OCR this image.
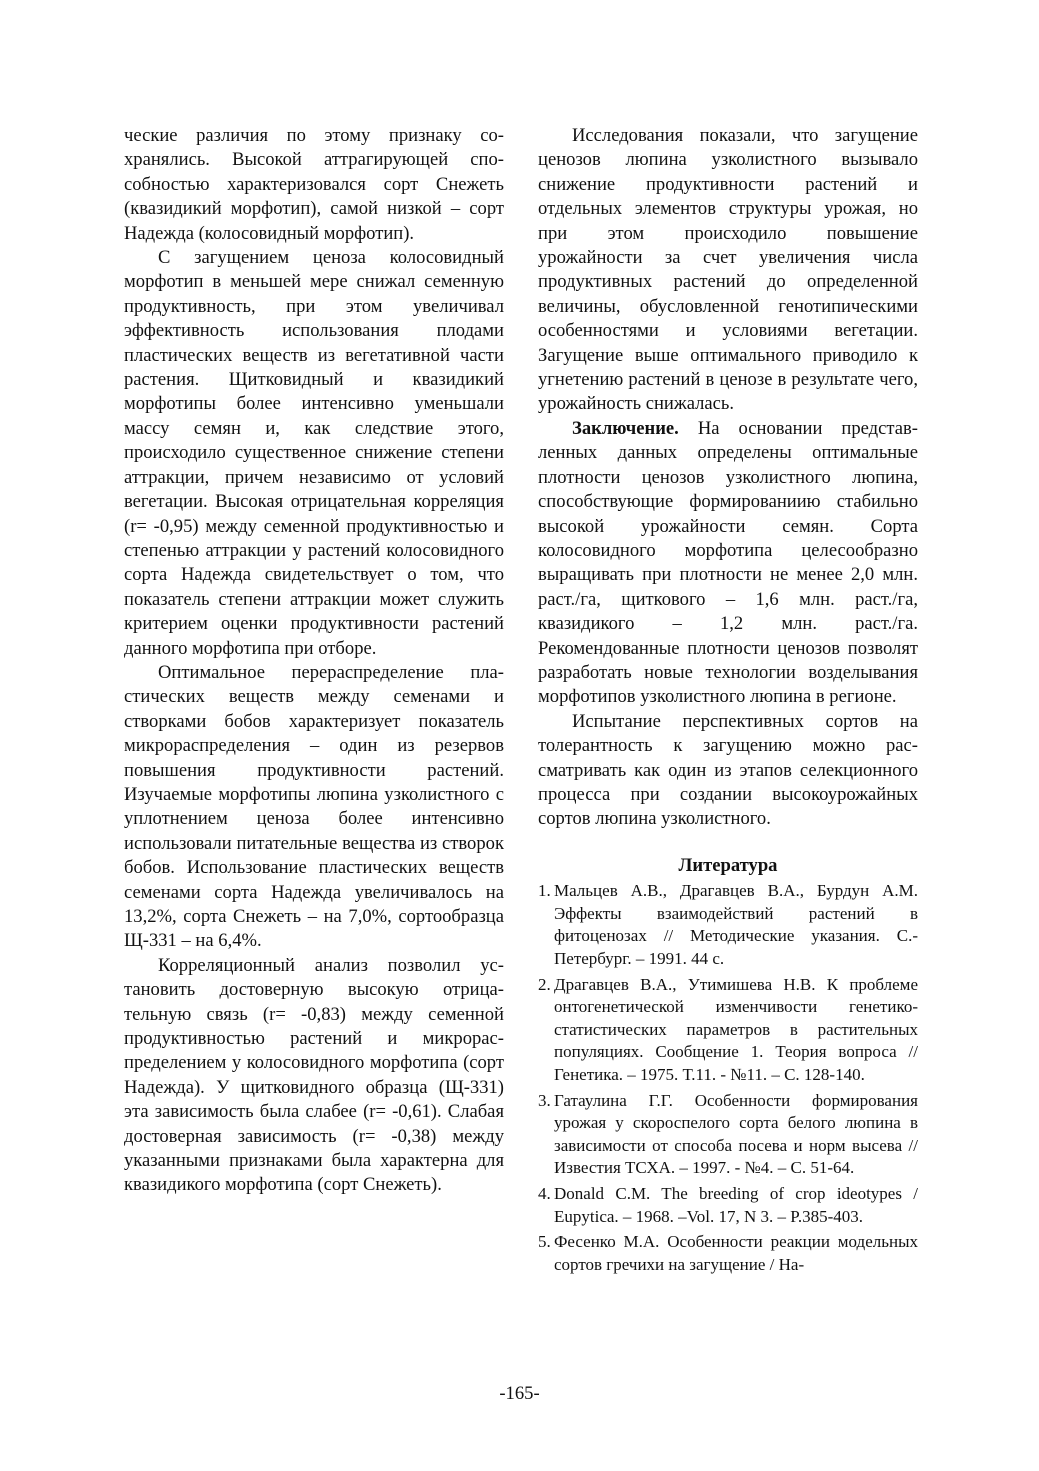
ческие различия по этому признаку сохранялись. Высокой аттрагирующей способностью характеризовался сорт Снежеть (квазидикий морфотип), самой низкой – сорт Надежда (колосовидный морфотип).

С загущением ценоза колосовидный морфотип в меньшей мере снижал семенную продуктивность, при этом увеличивал эффективность использования плодами пластических веществ из вегетативной части растения. Щитковидный и квазидикий морфотипы более интенсивно уменьшали массу семян и, как следствие этого, происходило существенное снижение степени аттракции, причем независимо от условий вегетации. Высокая отрицательная корреляция (r= -0,95) между семенной продуктивностью и степенью аттракции у растений колосовидного сорта Надежда свидетельствует о том, что показатель степени аттракции может служить критерием оценки продуктивности растений данного морфотипа при отборе.

Оптимальное перераспределение пластических веществ между семенами и створками бобов характеризует показатель микрораспределения – один из резервов повышения продуктивности растений. Изучаемые морфотипы люпина узколистного с уплотнением ценоза более интенсивно использовали питательные вещества из створок бобов. Использование пластических веществ семенами сорта Надежда увеличивалось на 13,2%, сорта Снежеть – на 7,0%, сортообразца Щ-331 – на 6,4%.

Корреляционный анализ позволил установить достоверную высокую отрицательную связь (r= -0,83) между семенной продуктивностью растений и микрораспределением у колосовидного морфотипа (сорт Надежда). У щитковидного образца (Щ-331) эта зависимость была слабее (r= -0,61). Слабая достоверная зависимость (r= -0,38) между указанными признаками была характерна для квазидикого морфотипа (сорт Снежеть).

Исследования показали, что загущение ценозов люпина узколистного вызывало снижение продуктивности растений и отдельных элементов структуры урожая, но при этом происходило повышение урожайности за счет увеличения числа продуктивных растений до определенной величины, обусловленной генотипическими особенностями и условиями вегетации. Загущение выше оптимального приводило к угнетению растений в ценозе в результате чего, урожайность снижалась.

Заключение. На основании представленных данных определены оптимальные плотности ценозов узколистного люпина, способствующие формированиию стабильно высокой урожайности семян. Сорта колосовидного морфотипа целесообразно выращивать при плотности не менее 2,0 млн. раст./га, щиткового – 1,6 млн. раст./га, квазидикого – 1,2 млн. раст./га. Рекомендованные плотности ценозов позволят разработать новые технологии возделывания морфотипов узколистного люпина в регионе.

Испытание перспективных сортов на толерантность к загущению можно рассматривать как один из этапов селекционного процесса при создании высокоурожайных сортов люпина узколистного.

Литература
1. Мальцев А.В., Драгавцев В.А., Бурдун А.М. Эффекты взаимодействий растений в фитоценозах // Методические указания. С.-Петербург. – 1991. 44 с.
2. Драгавцев В.А., Утимишева Н.В. К проблеме онтогенетической изменчивости генетико-статистических параметров в растительных популяциях. Сообщение 1. Теория вопроса // Генетика. – 1975. Т.11. - №11. – С. 128-140.
3. Гатаулина Г.Г. Особенности формирования урожая у скороспелого сорта белого люпина в зависимости от способа посева и норм высева // Известия ТСХА. – 1997. - №4. – С. 51-64.
4. Donald C.M. The breeding of crop ideotypes / Eupytica. – 1968. –Vol. 17, N 3. – P.385-403.
5. Фесенко М.А. Особенности реакции модельных сортов гречихи на загущение / На-
-165-
